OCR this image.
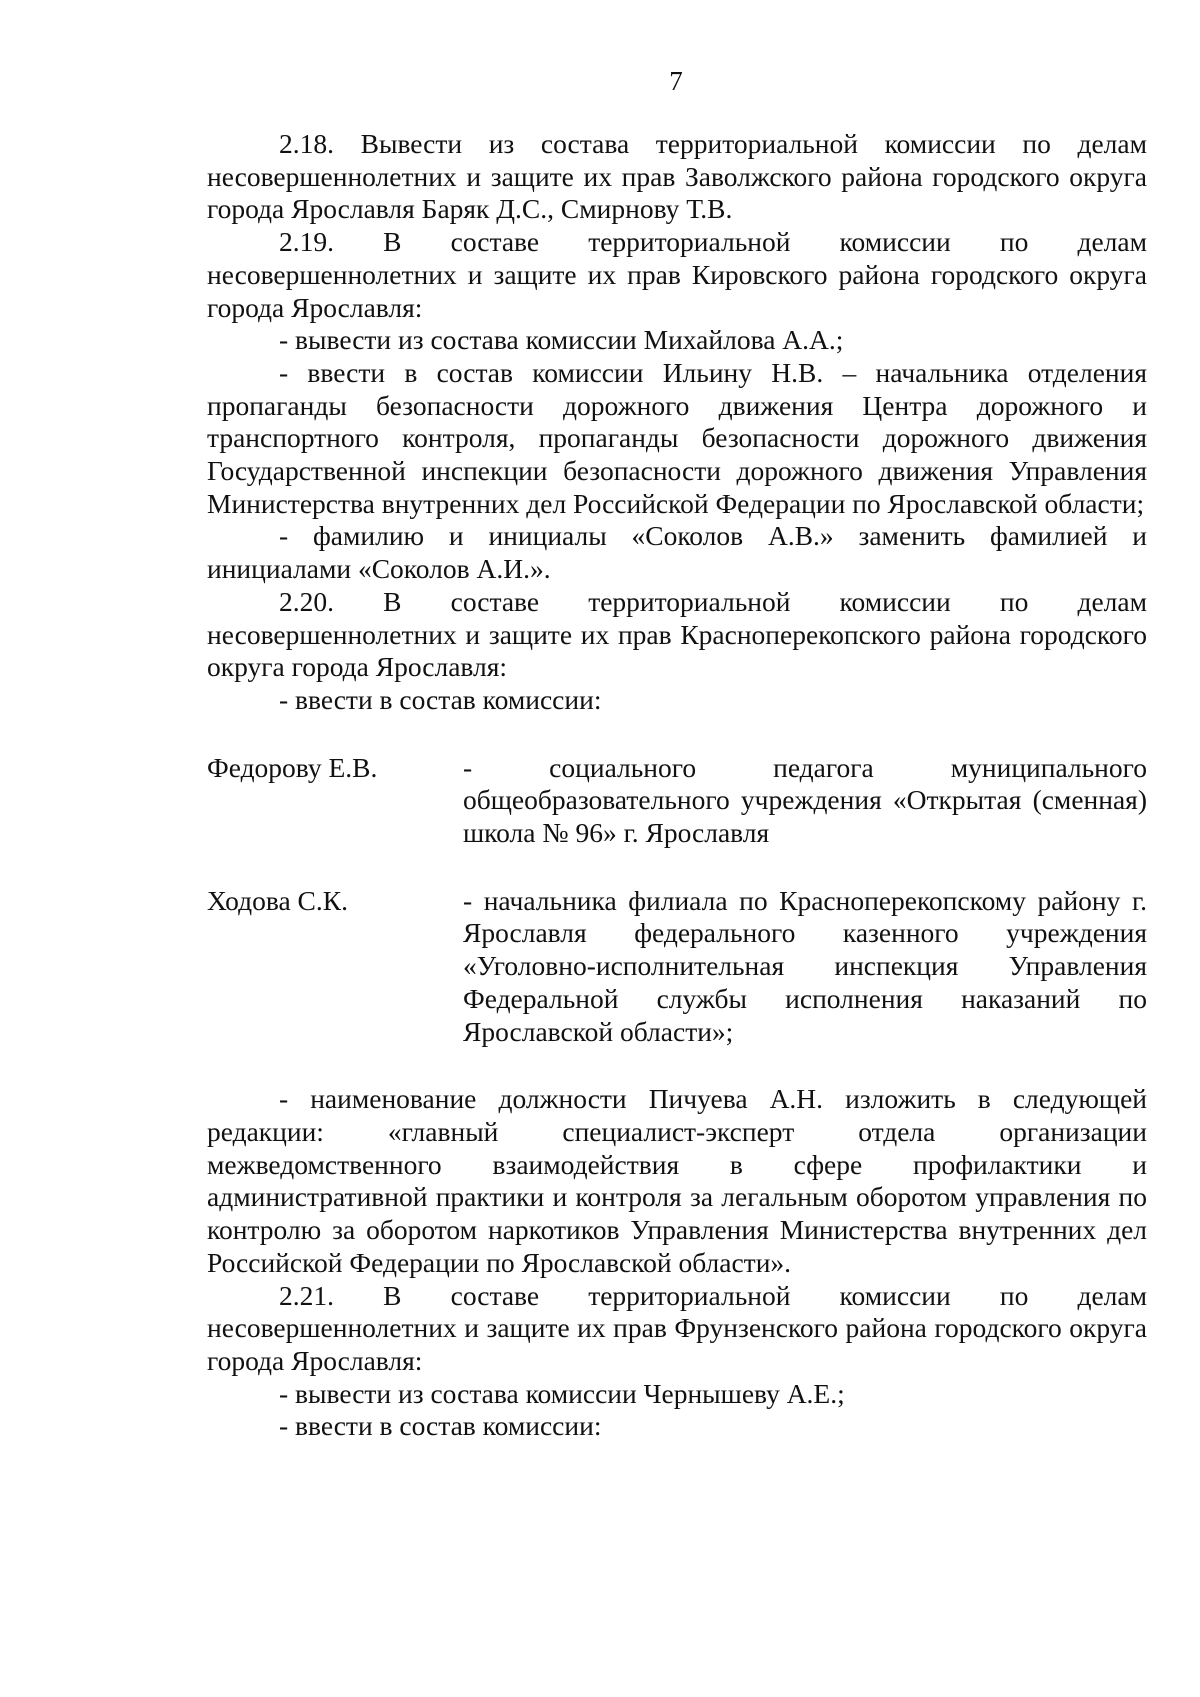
7

2.18. Вывести из состава территориальной комиссии по делам несовершеннолетних и защите их прав Заволжского района городского округа города Ярославля Баряк Д.С., Смирнову Т.В.

2.19. В составе территориальной комиссии по делам несовершеннолетних и защите их прав Кировского района городского округа города Ярославля:

- вывести из состава комиссии Михайлова А.А.;

- ввести в состав комиссии Ильину Н.В. – начальника отделения пропаганды безопасности дорожного движения Центра дорожного и транспортного контроля, пропаганды безопасности дорожного движения Государственной инспекции безопасности дорожного движения Управления Министерства внутренних дел Российской Федерации по Ярославской области;

- фамилию и инициалы «Соколов А.В.» заменить фамилией и инициалами «Соколов А.И.».

2.20. В составе территориальной комиссии по делам несовершеннолетних и защите их прав Красноперекопского района городского округа города Ярославля:

- ввести в состав комиссии:

Федорову Е.В.	- социального педагога муниципального общеобразовательного учреждения «Открытая (сменная) школа № 96» г. Ярославля
Ходова С.К.	- начальника филиала по Красноперекопскому району г. Ярославля федерального казенного учреждения «Уголовно-исполнительная инспекция Управления Федеральной службы исполнения наказаний по Ярославской области»;

- наименование должности Пичуева А.Н. изложить в следующей редакции: «главный специалист-эксперт отдела организации межведомственного взаимодействия в сфере профилактики и административной практики и контроля за легальным оборотом управления по контролю за оборотом наркотиков Управления Министерства внутренних дел Российской Федерации по Ярославской области».

2.21. В составе территориальной комиссии по делам несовершеннолетних и защите их прав Фрунзенского района городского округа города Ярославля:

- вывести из состава комиссии Чернышеву А.Е.;

- ввести в состав комиссии:
